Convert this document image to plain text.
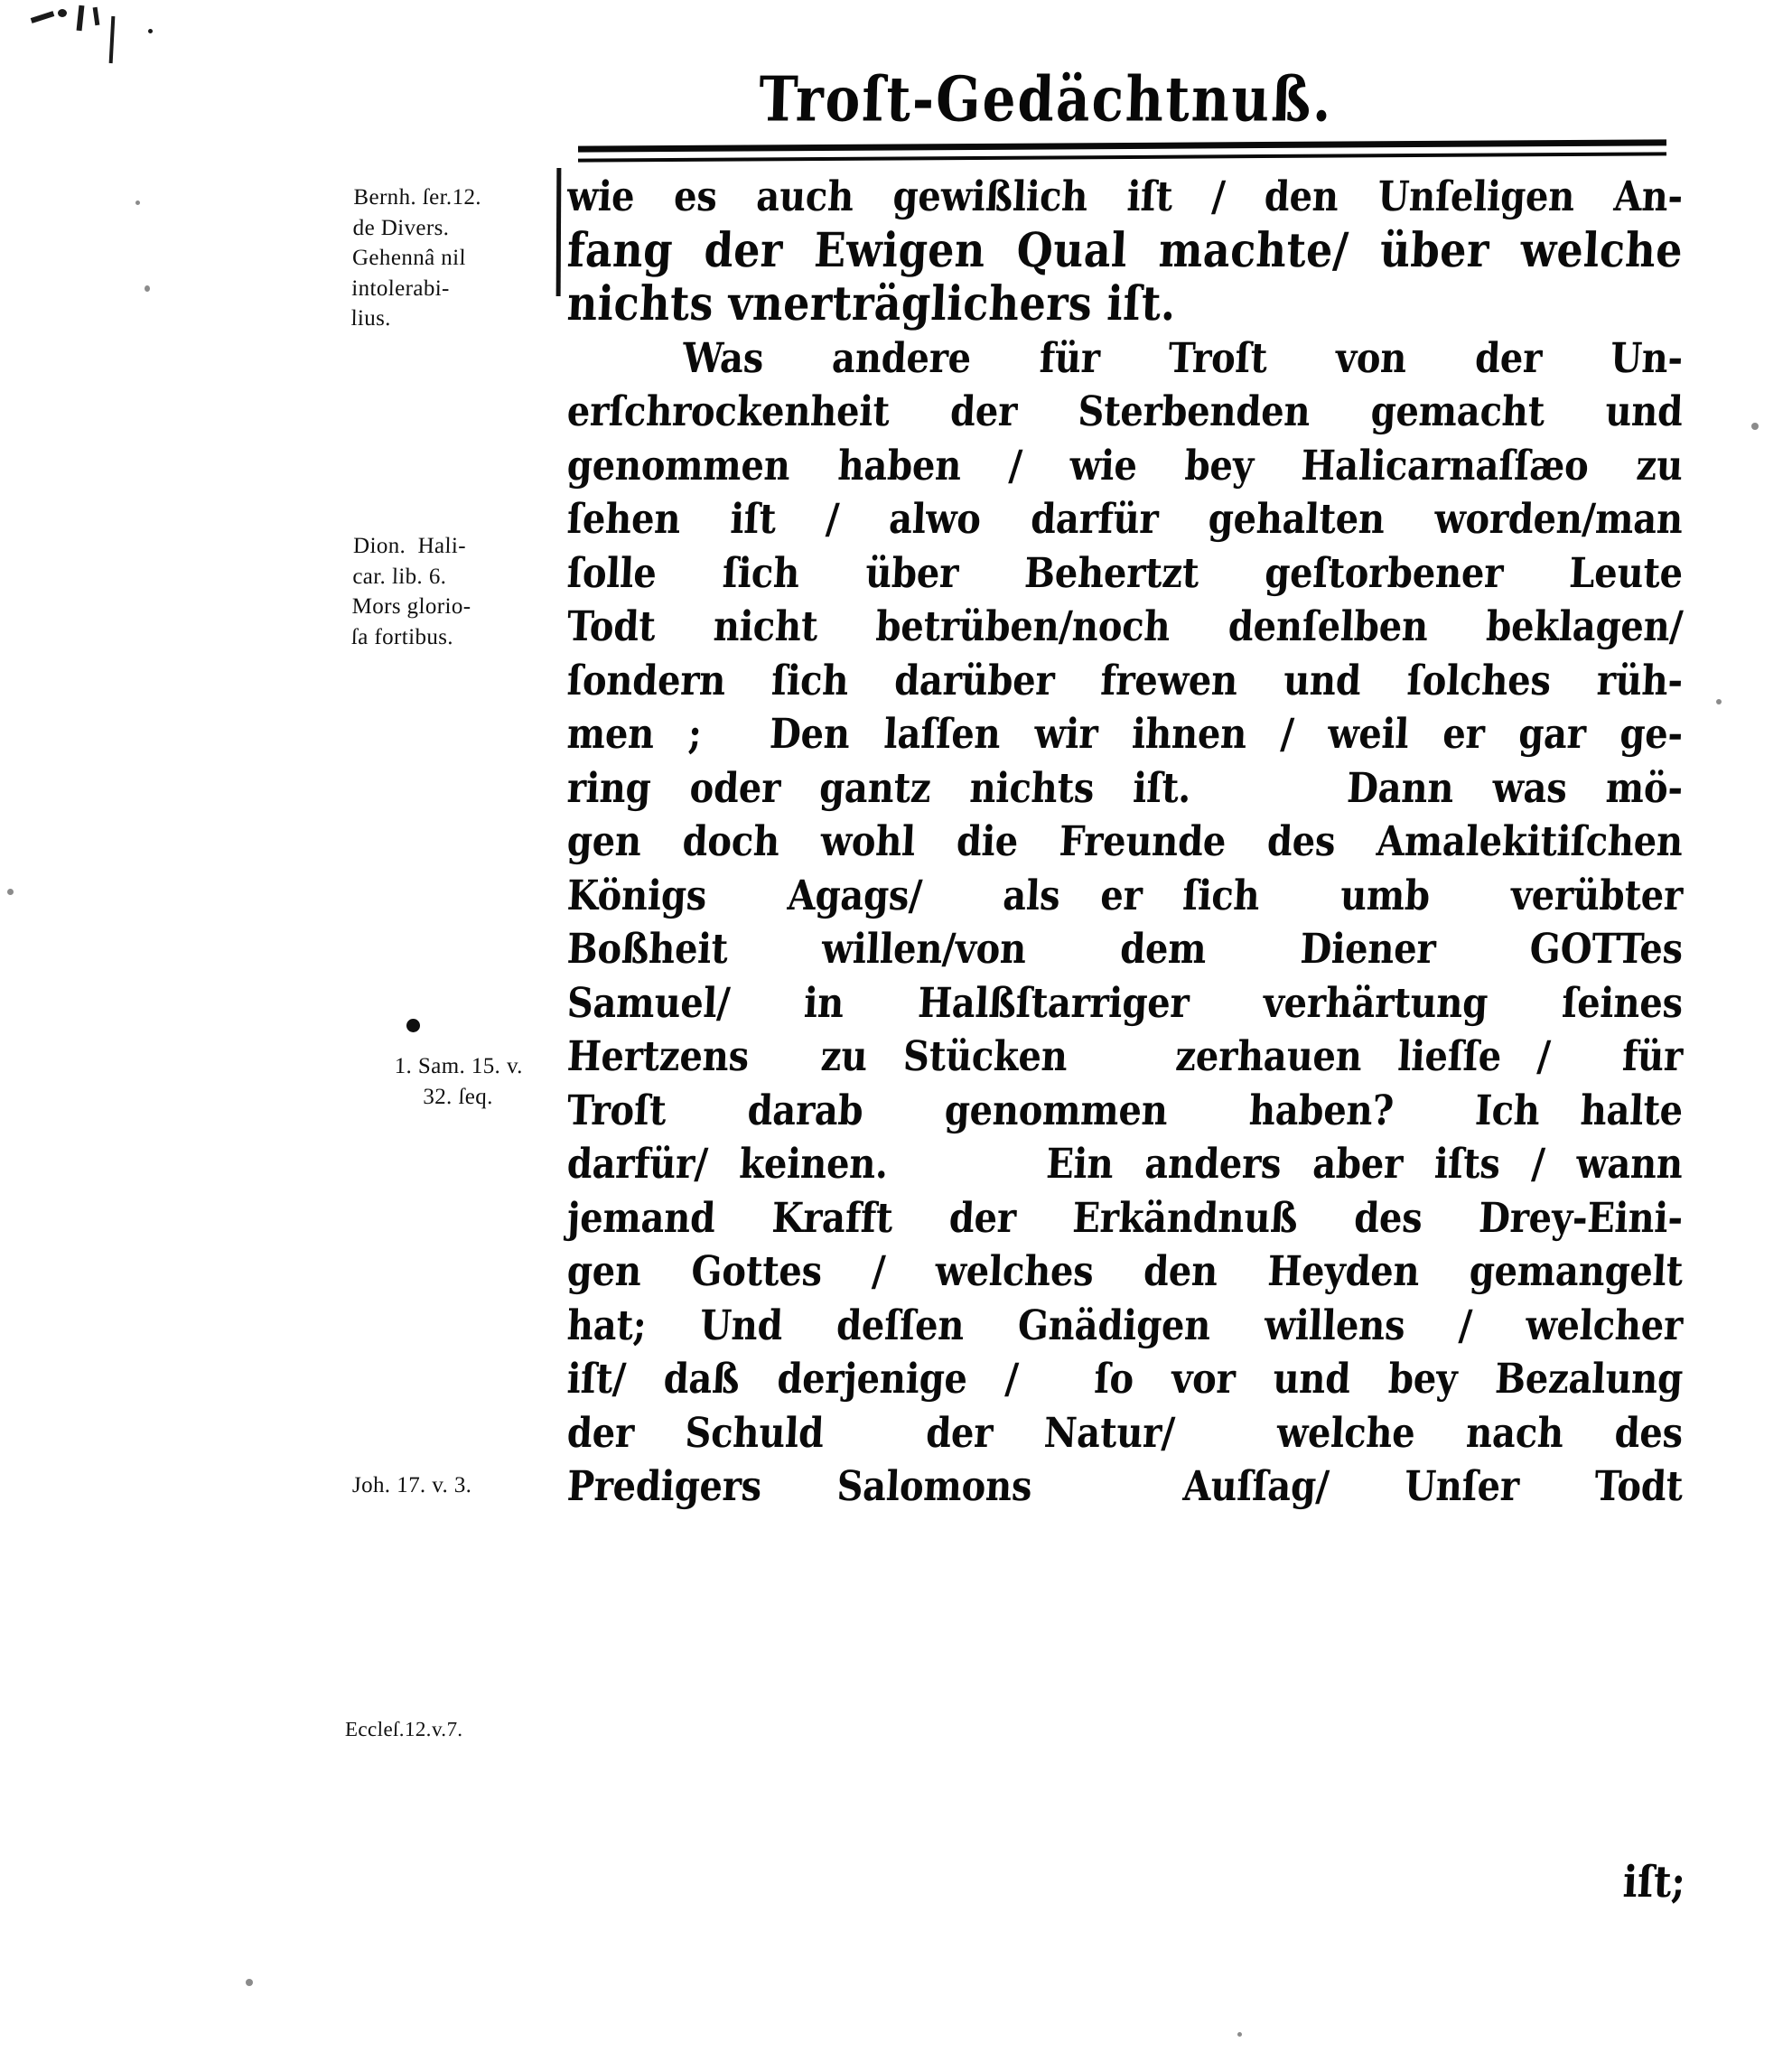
Troſt-Gedächtnuß.
Bernh. ſer.12.
de Divers.
Gehennâ nil
intolerabi-
lius.
Dion.  Hali-
car. lib. 6.
Mors glorio-
ſa fortibus.
1. Sam. 15. v.
32. ſeq.
Joh. 17. v. 3.
Eccleſ.12.v.7.
wie es auch gewißlich iſt / den Unſeligen An-
fang der Ewigen Qual machte/ über welche
nichts vnerträglichers iſt.
Was andere für Troſt von der Un-
erſchrockenheit der Sterbenden gemacht und
genommen haben / wie bey Halicarnaſſæo zu
ſehen iſt / alwo darfür gehalten worden/man
ſolle ſich über Behertzt geſtorbener Leute
Todt nicht betrüben/noch denſelben beklagen/
ſondern ſich darüber frewen und ſolches rüh-
men ;  Den laſſen wir ihnen / weil er gar ge-
ring oder gantz nichts iſt.    Dann was mö-
gen doch wohl die Freunde des Amalekitiſchen
Königs  Agags/  als er ſich  umb  verübter
Boßheit willen/von dem Diener GOTTes
Samuel/ in Halßſtarriger verhärtung ſeines
Hertzens  zu Stücken   zerhauen lieſſe /  für
Troſt  darab  genommen  haben?  Ich halte
darfür/ keinen.     Ein anders aber iſts / wann
jemand Krafft der Erkändnuß des Drey-Eini-
gen Gottes / welches den Heyden gemangelt
hat; Und deſſen Gnädigen willens / welcher
iſt/ daß derjenige /  ſo vor und bey Bezalung
der Schuld  der Natur/  welche nach des
Predigers Salomons  Auſſag/ Unſer Todt
iſt;
